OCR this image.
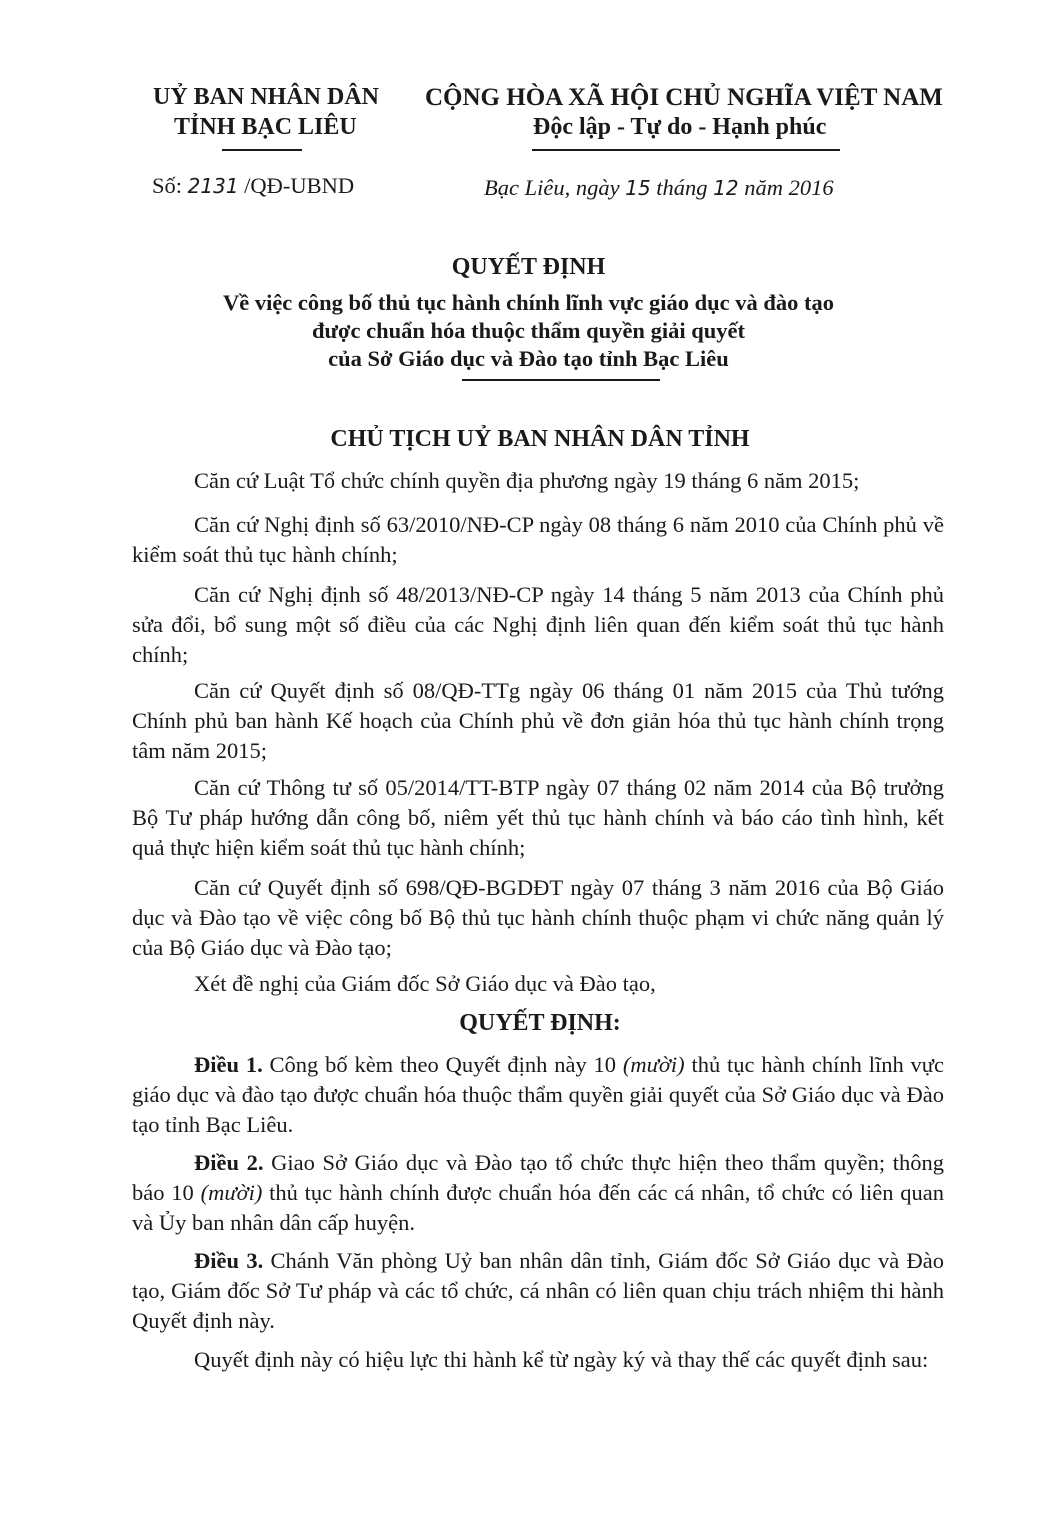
UỶ BAN NHÂN DÂN
TỈNH BẠC LIÊU
CỘNG HÒA XÃ HỘI CHỦ NGHĨA VIỆT NAM
Độc lập - Tự do - Hạnh phúc
Số: 2131 /QĐ-UBND	Bạc Liêu, ngày 15 tháng 12 năm 2016
QUYẾT ĐỊNH
Về việc công bố thủ tục hành chính lĩnh vực giáo dục và đào tạo
được chuẩn hóa thuộc thẩm quyền giải quyết
của Sở Giáo dục và Đào tạo tỉnh Bạc Liêu
CHỦ TỊCH UỶ BAN NHÂN DÂN TỈNH
Căn cứ Luật Tổ chức chính quyền địa phương ngày 19 tháng 6 năm 2015;
Căn cứ Nghị định số 63/2010/NĐ-CP ngày 08 tháng 6 năm 2010 của Chính phủ về kiểm soát thủ tục hành chính;
Căn cứ Nghị định số 48/2013/NĐ-CP ngày 14 tháng 5 năm 2013 của Chính phủ sửa đổi, bổ sung một số điều của các Nghị định liên quan đến kiểm soát thủ tục hành chính;
Căn cứ Quyết định số 08/QĐ-TTg ngày 06 tháng 01 năm 2015 của Thủ tướng Chính phủ ban hành Kế hoạch của Chính phủ về đơn giản hóa thủ tục hành chính trọng tâm năm 2015;
Căn cứ Thông tư số 05/2014/TT-BTP ngày 07 tháng 02 năm 2014 của Bộ trưởng Bộ Tư pháp hướng dẫn công bố, niêm yết thủ tục hành chính và báo cáo tình hình, kết quả thực hiện kiểm soát thủ tục hành chính;
Căn cứ Quyết định số 698/QĐ-BGDĐT ngày 07 tháng 3 năm 2016 của Bộ Giáo dục và Đào tạo về việc công bố Bộ thủ tục hành chính thuộc phạm vi chức năng quản lý của Bộ Giáo dục và Đào tạo;
Xét đề nghị của Giám đốc Sở Giáo dục và Đào tạo,
QUYẾT ĐỊNH:
Điều 1. Công bố kèm theo Quyết định này 10 (mười) thủ tục hành chính lĩnh vực giáo dục và đào tạo được chuẩn hóa thuộc thẩm quyền giải quyết của Sở Giáo dục và Đào tạo tỉnh Bạc Liêu.
Điều 2. Giao Sở Giáo dục và Đào tạo tổ chức thực hiện theo thẩm quyền; thông báo 10 (mười) thủ tục hành chính được chuẩn hóa đến các cá nhân, tổ chức có liên quan và Ủy ban nhân dân cấp huyện.
Điều 3. Chánh Văn phòng Uỷ ban nhân dân tỉnh, Giám đốc Sở Giáo dục và Đào tạo, Giám đốc Sở Tư pháp và các tổ chức, cá nhân có liên quan chịu trách nhiệm thi hành Quyết định này.
Quyết định này có hiệu lực thi hành kể từ ngày ký và thay thế các quyết định sau:
